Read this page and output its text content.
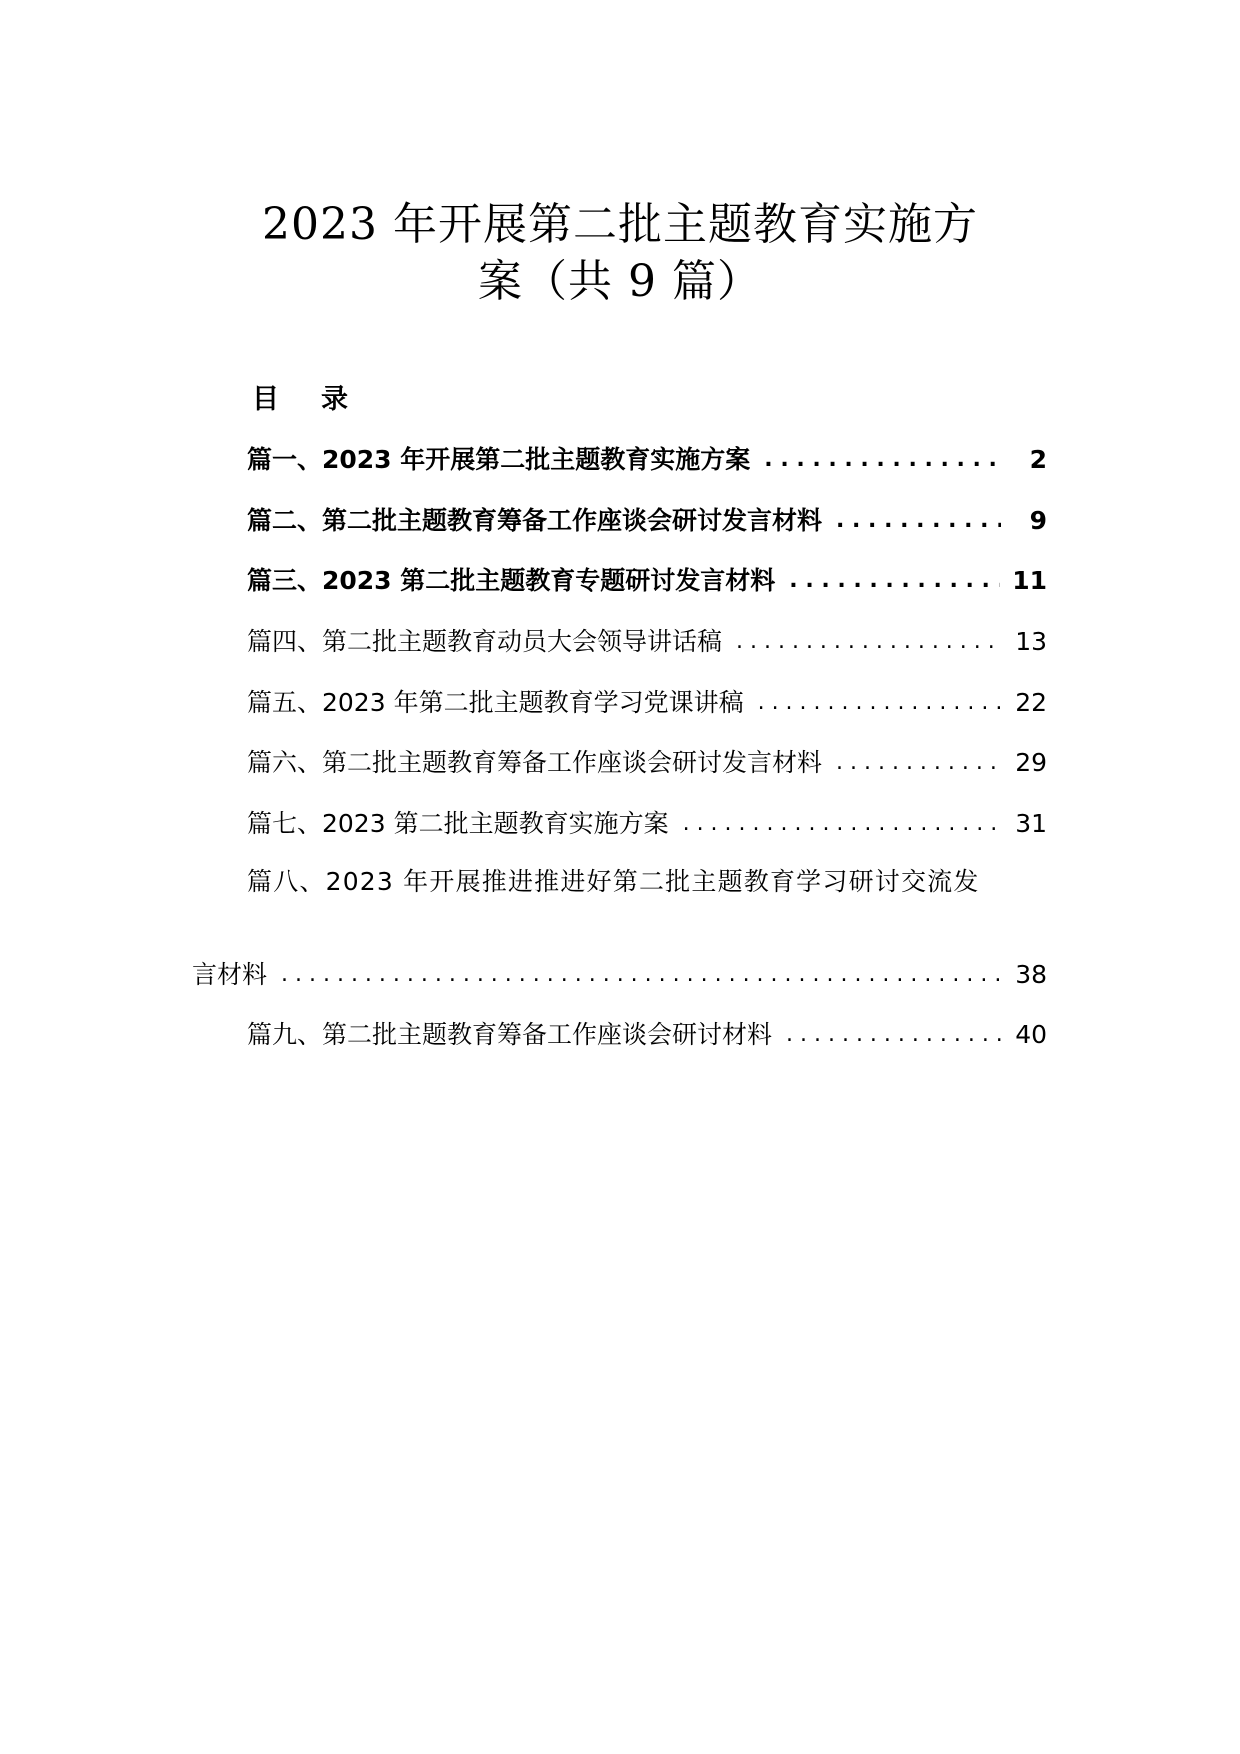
2023 年开展第二批主题教育实施方
案（共 9 篇）
目 录
篇一、2023 年开展第二批主题教育实施方案 . . .	2
篇二、第二批主题教育筹备工作座谈会研讨发言材料 . . .	9
篇三、2023 第二批主题教育专题研讨发言材料 . . .	11
篇四、第二批主题教育动员大会领导讲话稿 . . .	13
篇五、2023 年第二批主题教育学习党课讲稿 . . .	22
篇六、第二批主题教育筹备工作座谈会研讨发言材料 . . .	29
篇七、2023 第二批主题教育实施方案 . . .	31
篇八、2023 年开展推进推进好第二批主题教育学习研讨交流发
言材料 . . .	38
篇九、第二批主题教育筹备工作座谈会研讨材料 . . .	40
